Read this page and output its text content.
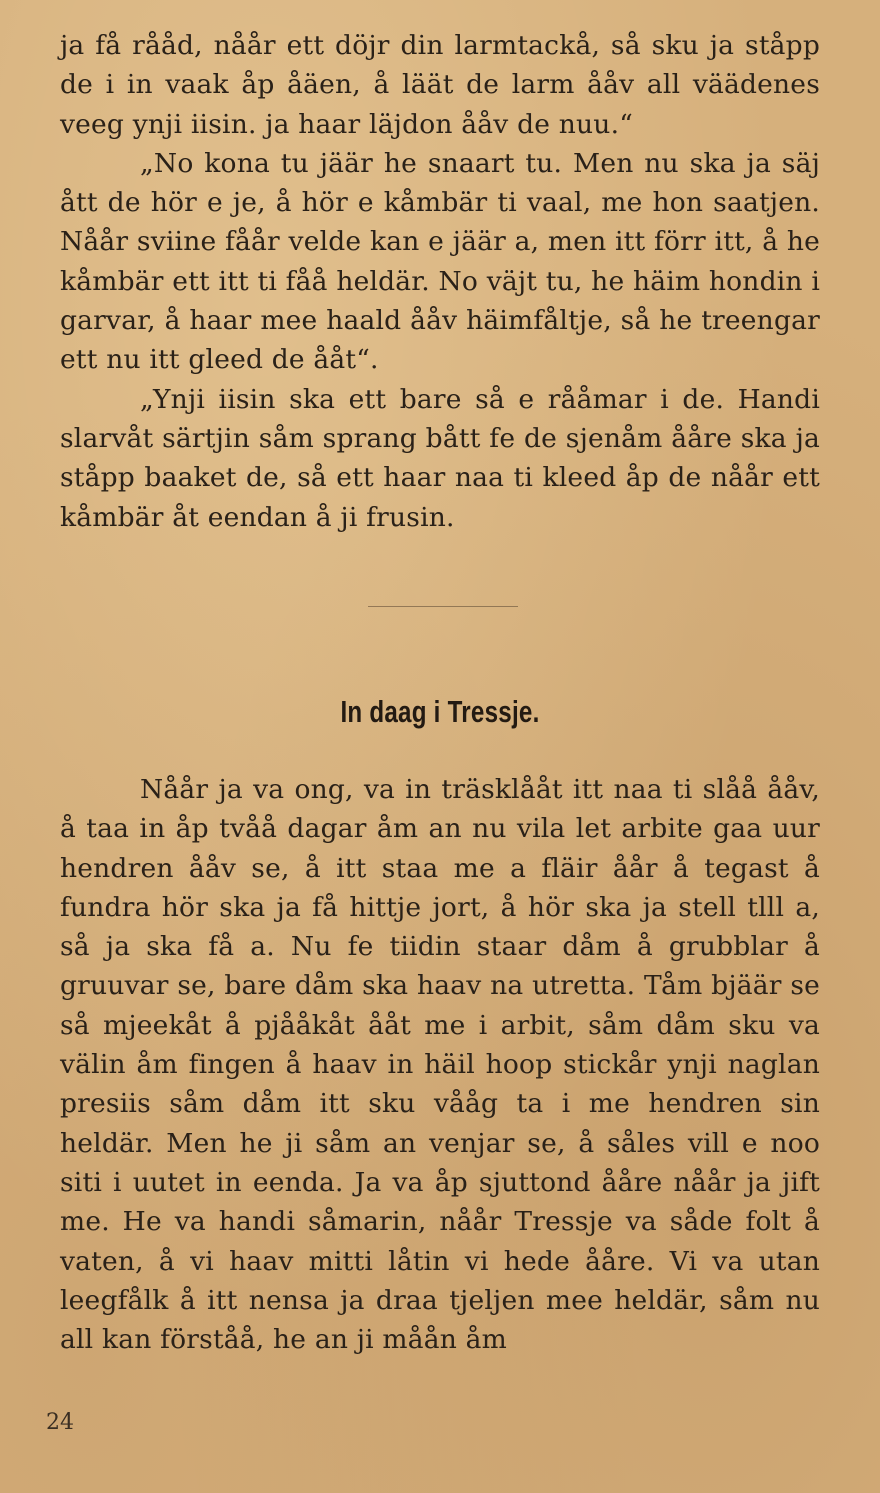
ja få rååd, nåår ett döjr din larmtackå, så sku ja ståpp de i in vaak åp åäen, å läät de larm ååv all väädenes veeg ynji iisin. ja haar läjdon ååv de nuu.“

„No kona tu jäär he snaart tu. Men nu ska ja säj ått de hör e je, å hör e kåmbär ti vaal, me hon saatjen. Nåår sviine fåår velde kan e jäär a, men itt förr itt, å he kåmbär ett itt ti fåå heldär. No väjt tu, he häim hondin i garvar, å haar mee haald ååv häimfåltje, så he treengar ett nu itt gleed de ååt“.

„Ynji iisin ska ett bare så e rååmar i de. Handi slarvåt särtjin såm sprang bått fe de sjenåm ååre ska ja ståpp baaket de, så ett haar naa ti kleed åp de nåår ett kåmbär åt eendan å ji frusin.

In daag i Tressje.

Nåår ja va ong, va in träsklååt itt naa ti slåå ååv, å taa in åp tvåå dagar åm an nu vila let arbite gaa uur hendren ååv se, å itt staa me a fläir åår å tegast å fundra hör ska ja få hittje jort, å hör ska ja stell tlll a, så ja ska få a. Nu fe tiidin staar dåm å grubblar å gruuvar se, bare dåm ska haav na utretta. Tåm bjäär se så mjeekåt å pjååkåt ååt me i arbit, såm dåm sku va välin åm fingen å haav in häil hoop stickår ynji naglan presiis såm dåm itt sku vååg ta i me hendren sin heldär. Men he ji såm an venjar se, å såles vill e noo siti i uutet in eenda. Ja va åp sjuttond ååre nåår ja jift me. He va handi såmarin, nåår Tressje va såde folt å vaten, å vi haav mitti låtin vi hede ååre. Vi va utan leegfålk å itt nensa ja draa tjeljen mee heldär, såm nu all kan förståå, he an ji måån åm

24
